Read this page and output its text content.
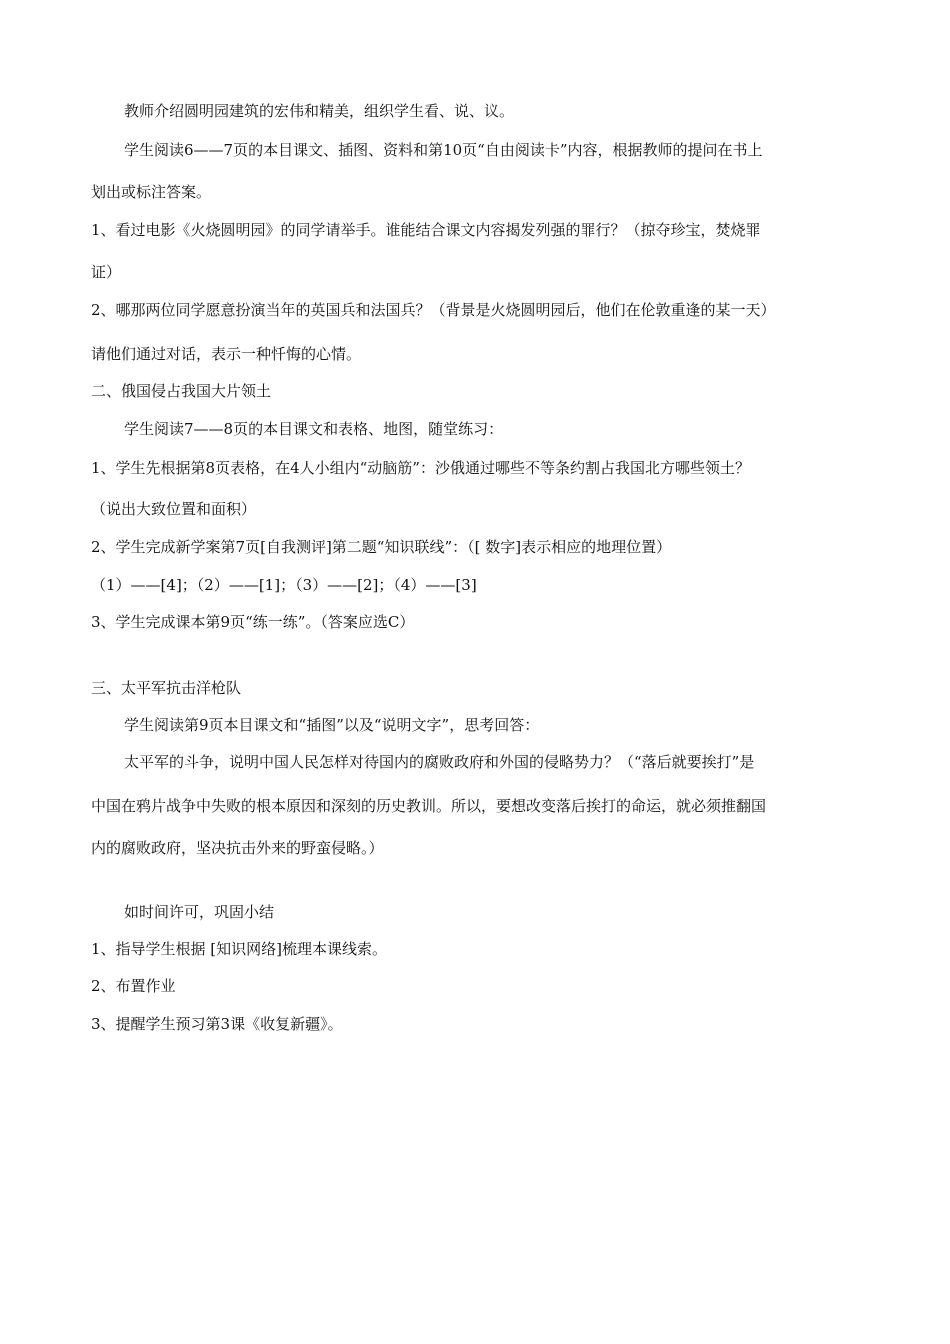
教师介绍圆明园建筑的宏伟和精美，组织学生看、说、议。
学生阅读6——7页的本目课文、插图、资料和第10页“自由阅读卡”内容，根据教师的提问在书上
划出或标注答案。
1、看过电影《火烧圆明园》的同学请举手。谁能结合课文内容揭发列强的罪行？（掠夺珍宝，焚烧罪
证）
2、哪那两位同学愿意扮演当年的英国兵和法国兵？（背景是火烧圆明园后，他们在伦敦重逢的某一天）
请他们通过对话，表示一种忏悔的心情。
二、俄国侵占我国大片领土
学生阅读7——8页的本目课文和表格、地图，随堂练习：
1、学生先根据第8页表格，在4人小组内“动脑筋”：沙俄通过哪些不等条约割占我国北方哪些领土？
（说出大致位置和面积）
2、学生完成新学案第7页[自我测评]第二题“知识联线”：（[ 数字]表示相应的地理位置）
（1）——[4]；（2）——[1]；（3）——[2]；（4）——[3]
3、学生完成课本第9页“练一练”。（答案应选C）
三、太平军抗击洋枪队
学生阅读第9页本目课文和“插图”以及“说明文字”，思考回答：
太平军的斗争，说明中国人民怎样对待国内的腐败政府和外国的侵略势力？（“落后就要挨打”是
中国在鸦片战争中失败的根本原因和深刻的历史教训。所以，要想改变落后挨打的命运，就必须推翻国
内的腐败政府，坚决抗击外来的野蛮侵略。）
如时间许可，巩固小结
1、指导学生根据 [知识网络]梳理本课线索。
2、布置作业
3、提醒学生预习第3课《收复新疆》。
